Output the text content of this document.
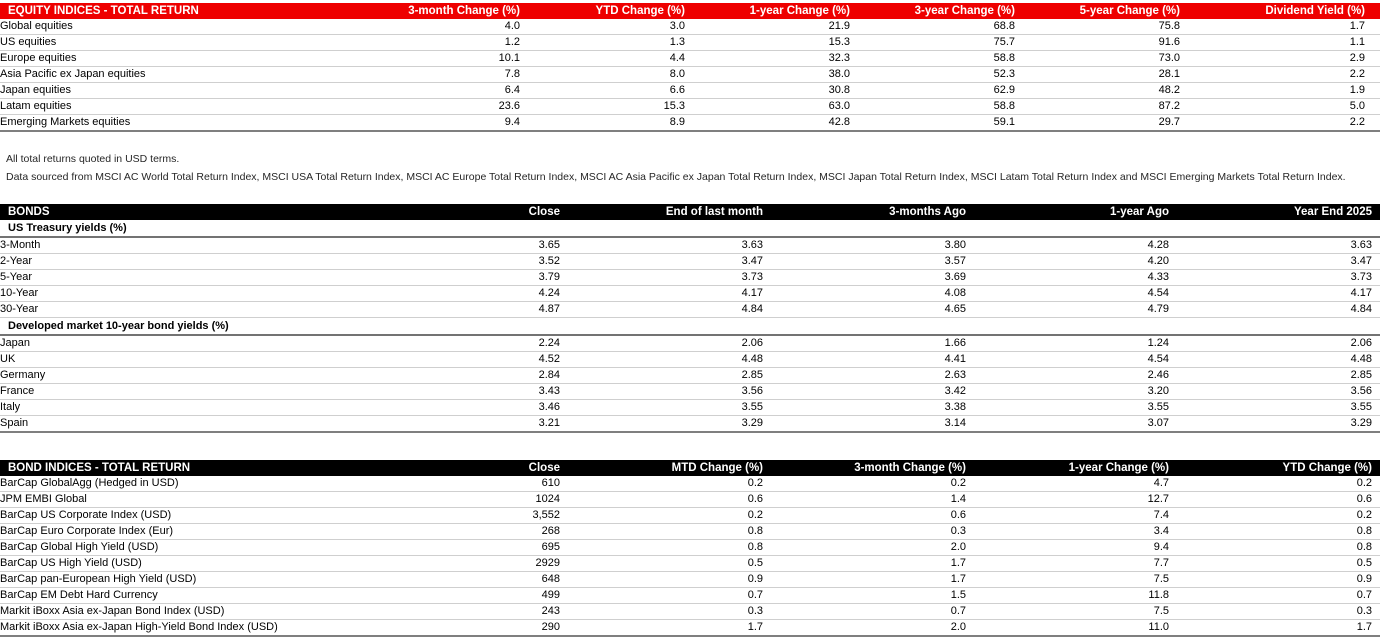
EQUITY INDICES - TOTAL RETURN	3-month Change (%)	YTD Change (%)	1-year Change (%)	3-year Change (%)	5-year Change (%)	Dividend Yield (%)
Global equities	4.0	3.0	21.9	68.8	75.8	1.7
US equities	1.2	1.3	15.3	75.7	91.6	1.1
Europe equities	10.1	4.4	32.3	58.8	73.0	2.9
Asia Pacific ex Japan equities	7.8	8.0	38.0	52.3	28.1	2.2
Japan equities	6.4	6.6	30.8	62.9	48.2	1.9
Latam equities	23.6	15.3	63.0	58.8	87.2	5.0
Emerging Markets equities	9.4	8.9	42.8	59.1	29.7	2.2
All total returns quoted in USD terms.
Data sourced from MSCI AC World Total Return Index, MSCI USA Total Return Index, MSCI AC Europe Total Return Index, MSCI AC Asia Pacific ex Japan Total Return Index, MSCI Japan Total Return Index, MSCI Latam Total Return Index and MSCI Emerging Markets Total Return Index.
BONDS	Close	End of last month	3-months Ago	1-year Ago	Year End 2025
US Treasury yields (%)					
3-Month	3.65	3.63	3.80	4.28	3.63
2-Year	3.52	3.47	3.57	4.20	3.47
5-Year	3.79	3.73	3.69	4.33	3.73
10-Year	4.24	4.17	4.08	4.54	4.17
30-Year	4.87	4.84	4.65	4.79	4.84
Developed market 10-year bond yields (%)					
Japan	2.24	2.06	1.66	1.24	2.06
UK	4.52	4.48	4.41	4.54	4.48
Germany	2.84	2.85	2.63	2.46	2.85
France	3.43	3.56	3.42	3.20	3.56
Italy	3.46	3.55	3.38	3.55	3.55
Spain	3.21	3.29	3.14	3.07	3.29
BOND INDICES - TOTAL RETURN	Close	MTD Change (%)	3-month Change (%)	1-year Change (%)	YTD Change (%)
BarCap GlobalAgg (Hedged in USD)	610	0.2	0.2	4.7	0.2
JPM EMBI Global	1024	0.6	1.4	12.7	0.6
BarCap US Corporate Index (USD)	3,552	0.2	0.6	7.4	0.2
BarCap Euro Corporate Index (Eur)	268	0.8	0.3	3.4	0.8
BarCap Global High Yield (USD)	695	0.8	2.0	9.4	0.8
BarCap US High Yield (USD)	2929	0.5	1.7	7.7	0.5
BarCap pan-European High Yield (USD)	648	0.9	1.7	7.5	0.9
BarCap EM Debt Hard Currency	499	0.7	1.5	11.8	0.7
Markit iBoxx Asia ex-Japan Bond Index (USD)	243	0.3	0.7	7.5	0.3
Markit iBoxx Asia ex-Japan High-Yield Bond Index (USD)	290	1.7	2.0	11.0	1.7
